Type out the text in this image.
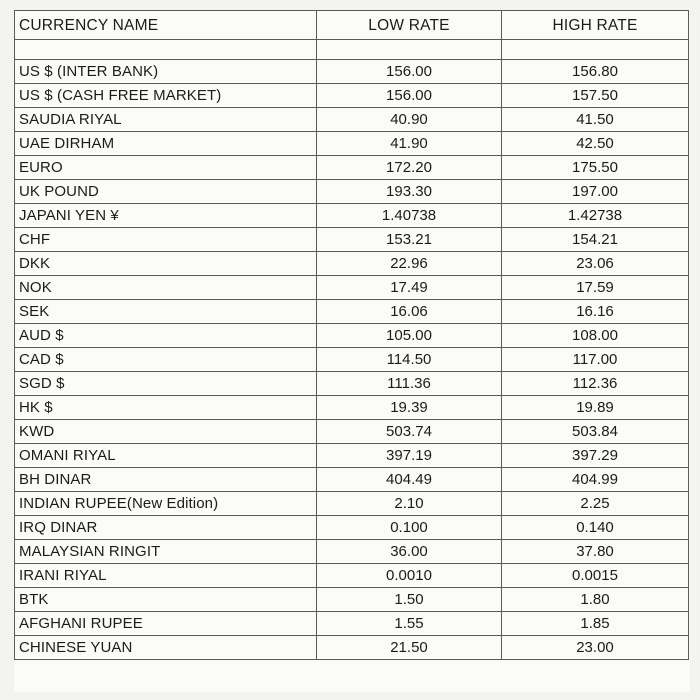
CURRENCY NAME	LOW RATE	HIGH RATE

US $ (INTER BANK)	156.00	156.80
US $ (CASH FREE MARKET)	156.00	157.50
SAUDIA RIYAL	40.90	41.50
UAE DIRHAM	41.90	42.50
EURO	172.20	175.50
UK POUND	193.30	197.00
JAPANI YEN ¥	1.40738	1.42738
CHF	153.21	154.21
DKK	22.96	23.06
NOK	17.49	17.59
SEK	16.06	16.16
AUD $	105.00	108.00
CAD $	114.50	117.00
SGD $	111.36	112.36
HK $	19.39	19.89
KWD	503.74	503.84
OMANI RIYAL	397.19	397.29
BH DINAR	404.49	404.99
INDIAN RUPEE(New Edition)	2.10	2.25
IRQ DINAR	0.100	0.140
MALAYSIAN RINGIT	36.00	37.80
IRANI RIYAL	0.0010	0.0015
BTK	1.50	1.80
AFGHANI RUPEE	1.55	1.85
CHINESE YUAN	21.50	23.00
